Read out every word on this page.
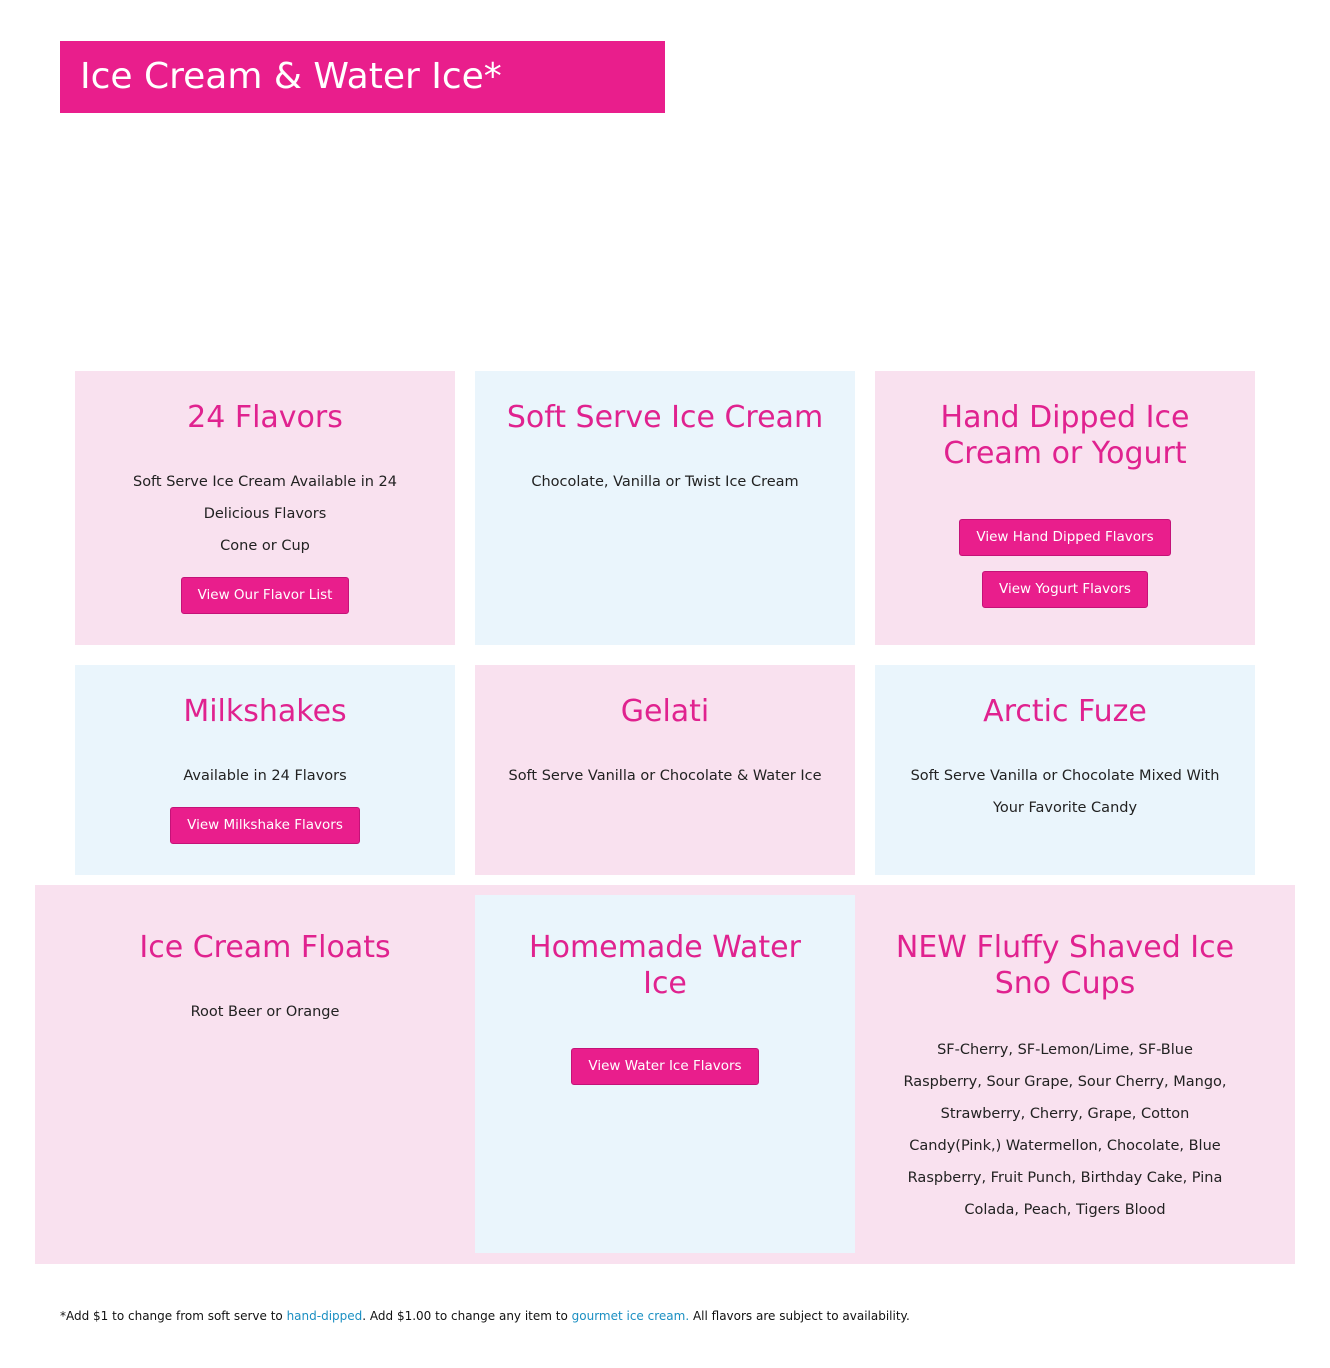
Ice Cream & Water Ice*
24 Flavors
Soft Serve Ice Cream Available in 24
Delicious Flavors
Cone or Cup
View Our Flavor List
Soft Serve Ice Cream
Chocolate, Vanilla or Twist Ice Cream
Hand Dipped Ice
Cream or Yogurt
View Hand Dipped Flavors
View Yogurt Flavors
Milkshakes
Available in 24 Flavors
View Milkshake Flavors
Gelati
Soft Serve Vanilla or Chocolate & Water Ice
Arctic Fuze
Soft Serve Vanilla or Chocolate Mixed With
Your Favorite Candy
Ice Cream Floats
Root Beer or Orange
Homemade Water
Ice
View Water Ice Flavors
NEW Fluffy Shaved Ice
Sno Cups
SF-Cherry, SF-Lemon/Lime, SF-Blue
Raspberry, Sour Grape, Sour Cherry, Mango,
Strawberry, Cherry, Grape, Cotton
Candy(Pink,) Watermellon, Chocolate, Blue
Raspberry, Fruit Punch, Birthday Cake, Pina
Colada, Peach, Tigers Blood
*Add $1 to change from soft serve to hand-dipped. Add $1.00 to change any item to gourmet ice cream. All flavors are subject to availability.
